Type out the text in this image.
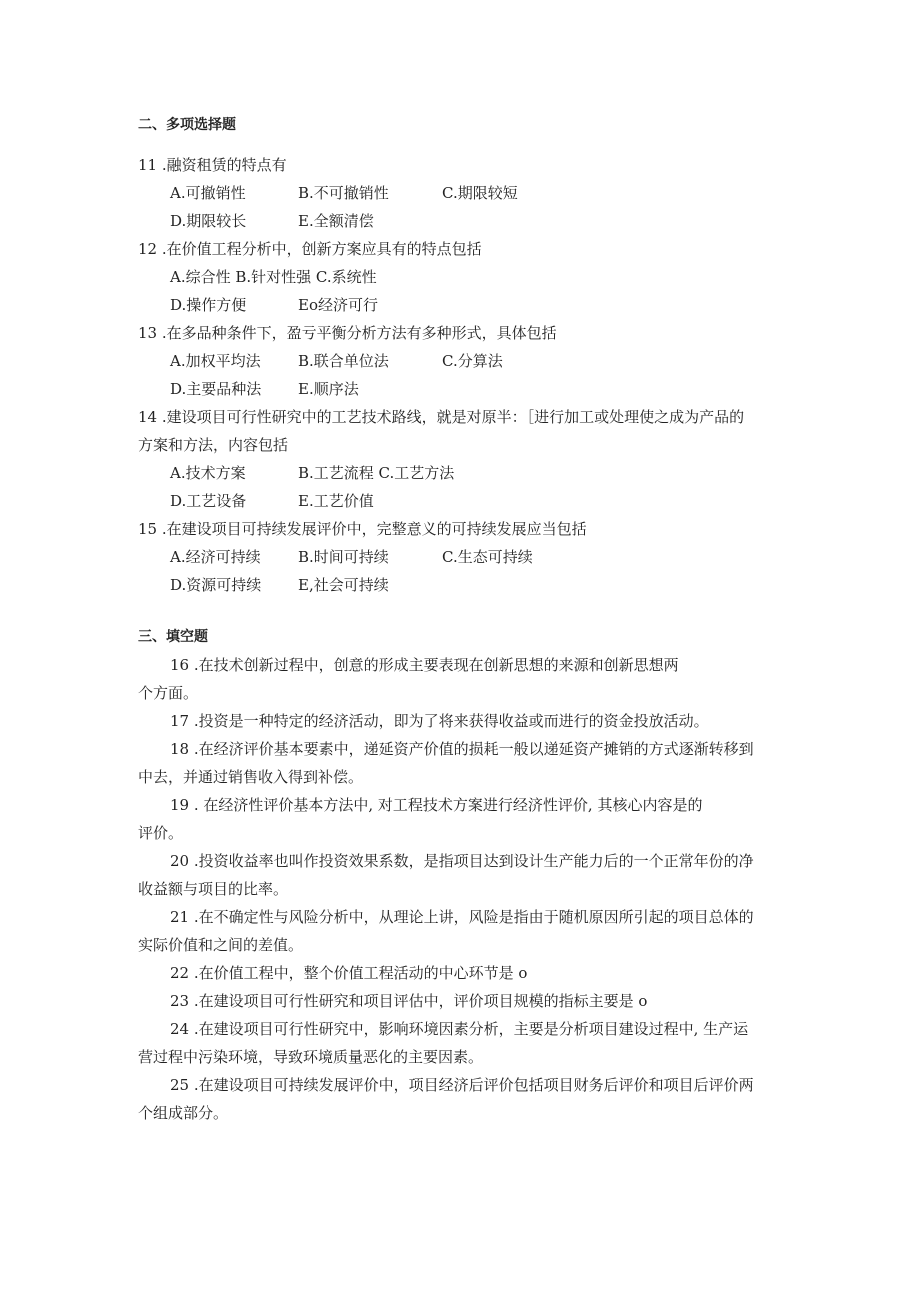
二、多项选择题
11 .融资租赁的特点有
A.可撤销性	B.不可撤销性	C.期限较短
D.期限较长	E.全额清偿
12 .在价值工程分析中，创新方案应具有的特点包括
A.综合性 B.针对性强 C.系统性
D.操作方便	Eo经济可行
13 .在多品种条件下，盈亏平衡分析方法有多种形式，具体包括
A.加权平均法 B.联合单位法	C.分算法
D.主要品种法 E.顺序法
14 .建设项目可行性研究中的工艺技术路线，就是对原半：［进行加工或处理使之成为产品的
方案和方法，内容包括
A.技术方案	B.工艺流程 C.工艺方法
D.工艺设备	E.工艺价值
15 .在建设项目可持续发展评价中，完整意义的可持续发展应当包括
A.经济可持续 B.时间可持续	C.生态可持续
D.资源可持续 E,社会可持续
三、填空题
16 .在技术创新过程中，创意的形成主要表现在创新思想的来源和创新思想两
个方面。
17 .投资是一种特定的经济活动，即为了将来获得收益或而进行的资金投放活动。
18 .在经济评价基本要素中，递延资产价值的损耗一般以递延资产摊销的方式逐渐转移到
中去，并通过销售收入得到补偿。
19 . 在经济性评价基本方法中, 对工程技术方案进行经济性评价, 其核心内容是的
评价。
20 .投资收益率也叫作投资效果系数，是指项目达到设计生产能力后的一个正常年份的净
收益额与项目的比率。
21 .在不确定性与风险分析中，从理论上讲，风险是指由于随机原因所引起的项目总体的
实际价值和之间的差值。
22 .在价值工程中，整个价值工程活动的中心环节是 o
23 .在建设项目可行性研究和项目评估中，评价项目规模的指标主要是 o
24 .在建设项目可行性研究中，影响环境因素分析，主要是分析项目建设过程中, 生产运
营过程中污染环境，导致环境质量恶化的主要因素。
25 .在建设项目可持续发展评价中，项目经济后评价包括项目财务后评价和项目后评价两
个组成部分。
